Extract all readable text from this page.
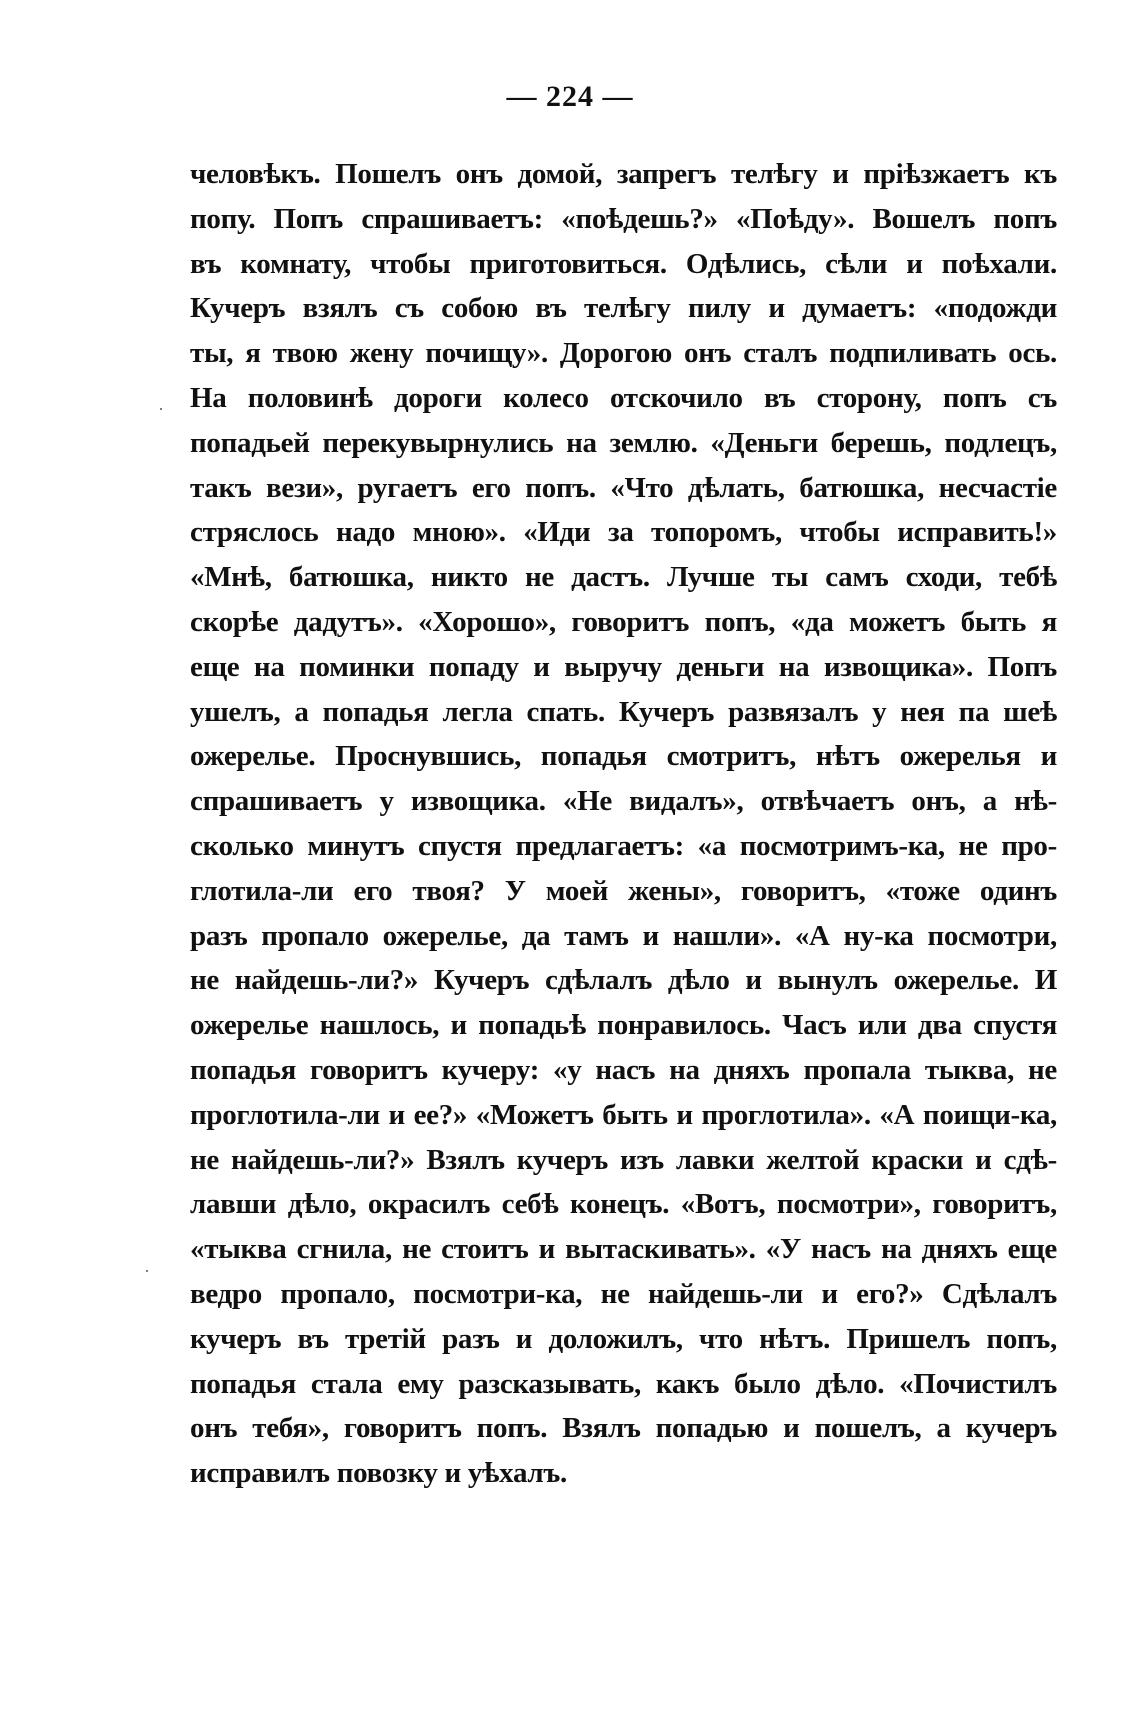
— 224 —
человѣкъ. Пошелъ онъ домой, запрегъ телѣгу и пріѣзжаетъ къ
попу. Попъ спрашиваетъ: «поѣдешь?» «Поѣду». Вошелъ попъ
въ комнату, чтобы приготовиться. Одѣлись, сѣли и поѣхали.
Кучеръ взялъ съ собою въ телѣгу пилу и думаетъ: «подожди
ты, я твою жену почищу». Дорогою онъ сталъ подпиливать ось.
На половинѣ дороги колесо отскочило въ сторону, попъ съ
попадьей перекувырнулись на землю. «Деньги берешь, подлецъ,
такъ вези», ругаетъ его попъ. «Что дѣлать, батюшка, несчастіе
стряслось надо мною». «Иди за топоромъ, чтобы исправить!»
«Мнѣ, батюшка, никто не дастъ. Лучше ты самъ сходи, тебѣ
скорѣе дадутъ». «Хорошо», говоритъ попъ, «да можетъ быть я
еще на поминки попаду и выручу деньги на извощика». Попъ
ушелъ, а попадья легла спать. Кучеръ развязалъ у нея па шеѣ
ожерелье. Проснувшись, попадья смотритъ, нѣтъ ожерелья и
спрашиваетъ у извощика. «Не видалъ», отвѣчаетъ онъ, а нѣ-
сколько минутъ спустя предлагаетъ: «а посмотримъ-ка, не про-
глотила-ли его твоя? У моей жены», говоритъ, «тоже одинъ
разъ пропало ожерелье, да тамъ и нашли». «А ну-ка посмотри,
не найдешь-ли?» Кучеръ сдѣлалъ дѣло и вынулъ ожерелье. И
ожерелье нашлось, и попадьѣ понравилось. Часъ или два спустя
попадья говоритъ кучеру: «у насъ на дняхъ пропала тыква, не
проглотила-ли и ее?» «Можетъ быть и проглотила». «А поищи-ка,
не найдешь-ли?» Взялъ кучеръ изъ лавки желтой краски и сдѣ-
лавши дѣло, окрасилъ себѣ конецъ. «Вотъ, посмотри», говоритъ,
«тыква сгнила, не стоитъ и вытаскивать». «У насъ на дняхъ еще
ведро пропало, посмотри-ка, не найдешь-ли и его?» Сдѣлалъ
кучеръ въ третій разъ и доложилъ, что нѣтъ. Пришелъ попъ,
попадья стала ему разсказывать, какъ было дѣло. «Почистилъ
онъ тебя», говоритъ попъ. Взялъ попадью и пошелъ, а кучеръ
исправилъ повозку и уѣхалъ.
